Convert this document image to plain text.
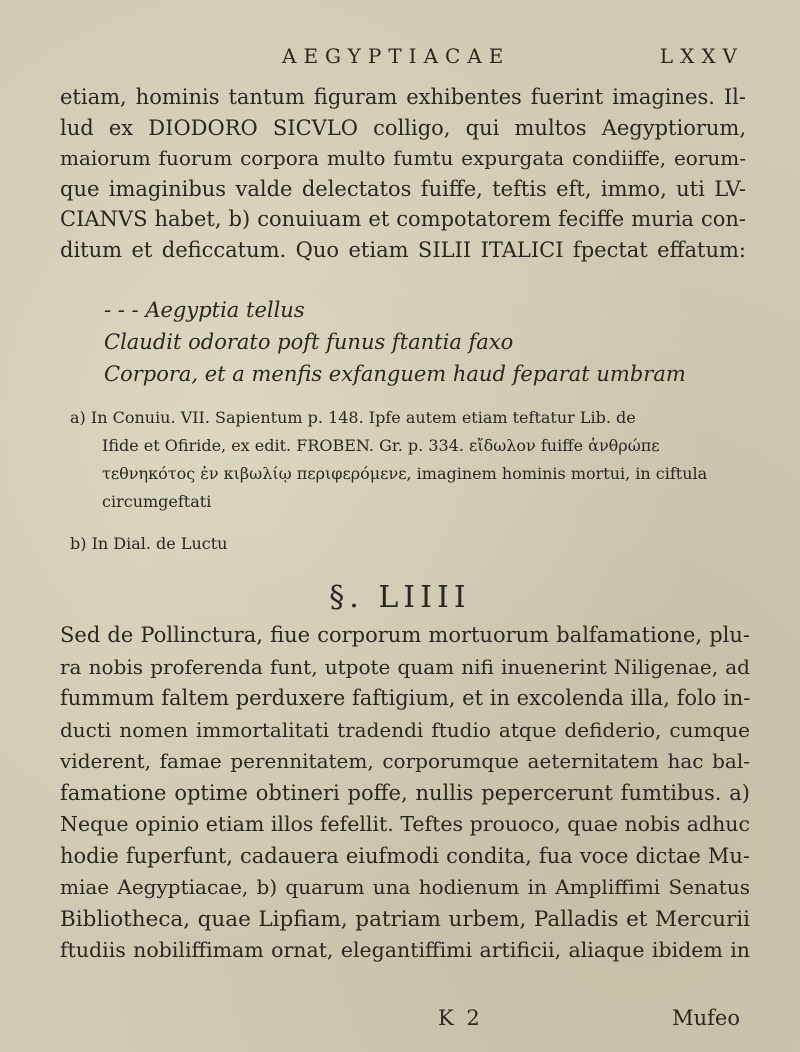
AEGYPTIACAE	LXXV
etiam, hominis tantum figuram exhibentes fuerint imagines. Il-
lud ex DIODORO SICVLO colligo, qui multos Aegyptiorum,
maiorum fuorum corpora multo fumtu expurgata condiiffe, eorum-
que imaginibus valde delectatos fuiffe, teftis eft, immo, uti LV-
CIANVS habet, b) conuiuam et compotatorem feciffe muria con-
ditum et deficcatum. Quo etiam SILII ITALICI fpectat effatum:
- - - Aegyptia tellus
Claudit odorato poft funus ftantia faxo
Corpora, et a menfis exfanguem haud feparat umbram
a) In Conuiu. VII. Sapientum p. 148. Ipfe autem etiam teftatur Lib. de
Ifide et Ofiride, ex edit. FROBEN. Gr. p. 334. εἴδωλον fuiffe ἀνθρώπε
τεθνηκότος ἐν κιβωλίῳ περιφερόμενε, imaginem hominis mortui, in ciftula
circumgeftati
b) In Dial. de Luctu
§. LIIII
Sed de Pollinctura, fiue corporum mortuorum balfamatione, plu-
ra nobis proferenda funt, utpote quam nifi inuenerint Niligenae, ad
fummum faltem perduxere faftigium, et in excolenda illa, folo in-
ducti nomen immortalitati tradendi ftudio atque defiderio, cumque
viderent, famae perennitatem, corporumque aeternitatem hac bal-
famatione optime obtineri poffe, nullis pepercerunt fumtibus. a)
Neque opinio etiam illos fefellit. Teftes prouoco, quae nobis adhuc
hodie fuperfunt, cadauera eiufmodi condita, fua voce dictae Mu-
miae Aegyptiacae, b) quarum una hodienum in Ampliffimi Senatus
Bibliotheca, quae Lipfiam, patriam urbem, Palladis et Mercurii
ftudiis nobiliffimam ornat, elegantiffimi artificii, aliaque ibidem in
K 2	Mufeo
